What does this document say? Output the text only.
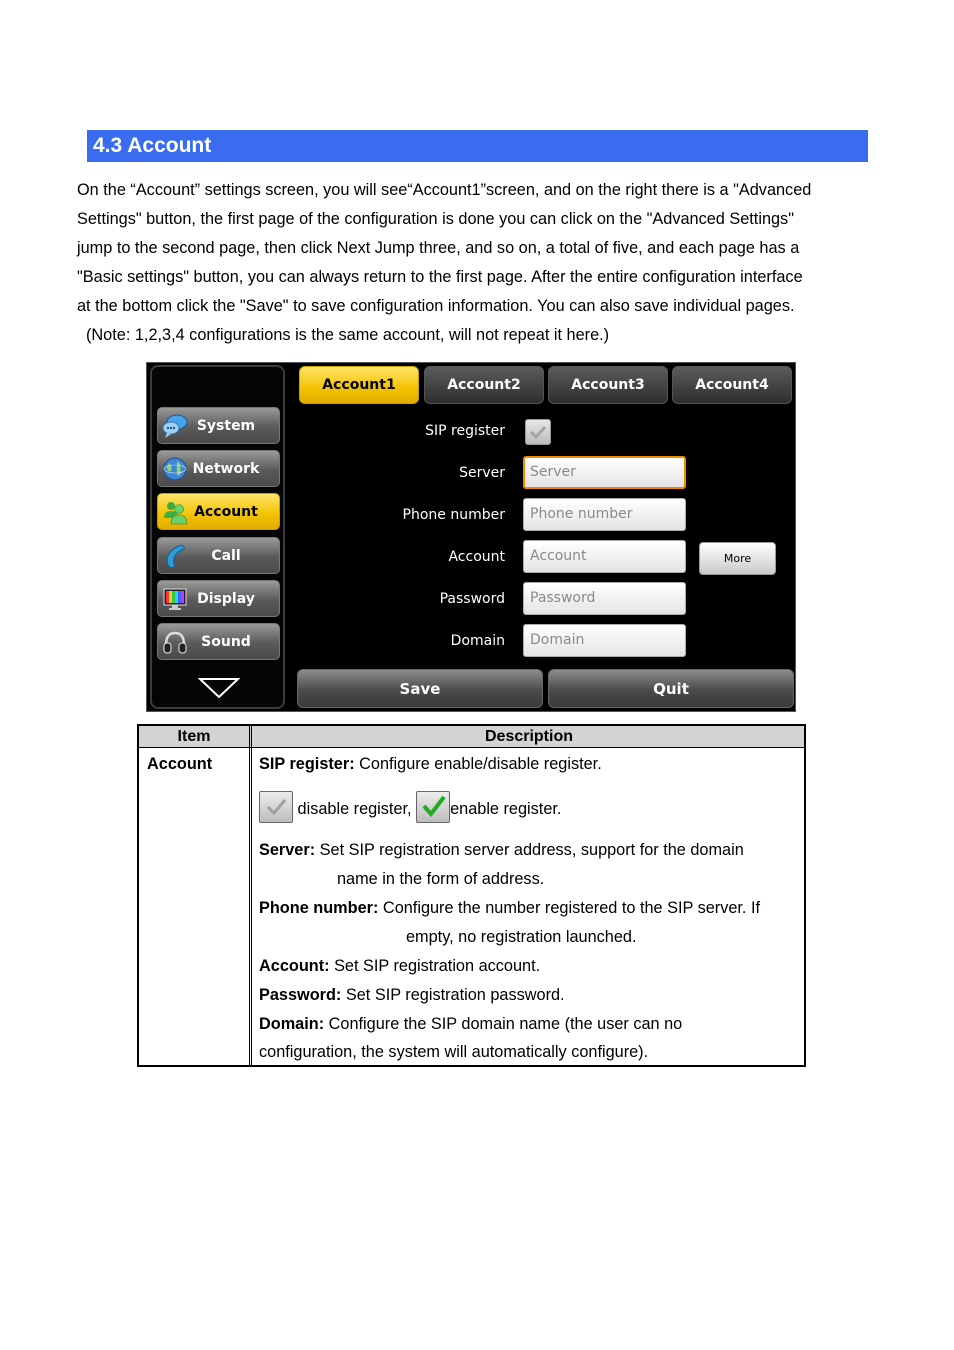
4.3 Account

On the “Account” settings screen, you will see“Account1”screen, and on the right there is a "Advanced

Settings" button, the first page of the configuration is done you can click on the "Advanced Settings"

jump to the second page, then click Next Jump three, and so on, a total of five, and each page has a

"Basic settings" button, you can always return to the first page. After the entire configuration interface

at the bottom click the "Save" to save configuration information. You can also save individual pages.

(Note: 1,2,3,4 configurations is the same account, will not repeat it here.)

System
Network
Account
Call
Display
Sound
Account1	Account2	Account3	Account4
SIP register
Server	Server
Phone number	Phone number
Account	Account	More
Password	Password
Domain	Domain
Save	Quit
Item	Description
Account	SIP register: Configure enable/disable register.
disable register, enable register.
Server: Set SIP registration server address, support for the domain
name in the form of address.
Phone number: Configure the number registered to the SIP server. If
empty, no registration launched.
Account: Set SIP registration account.
Password: Set SIP registration password.
Domain: Configure the SIP domain name (the user can no
configuration, the system will automatically configure).
